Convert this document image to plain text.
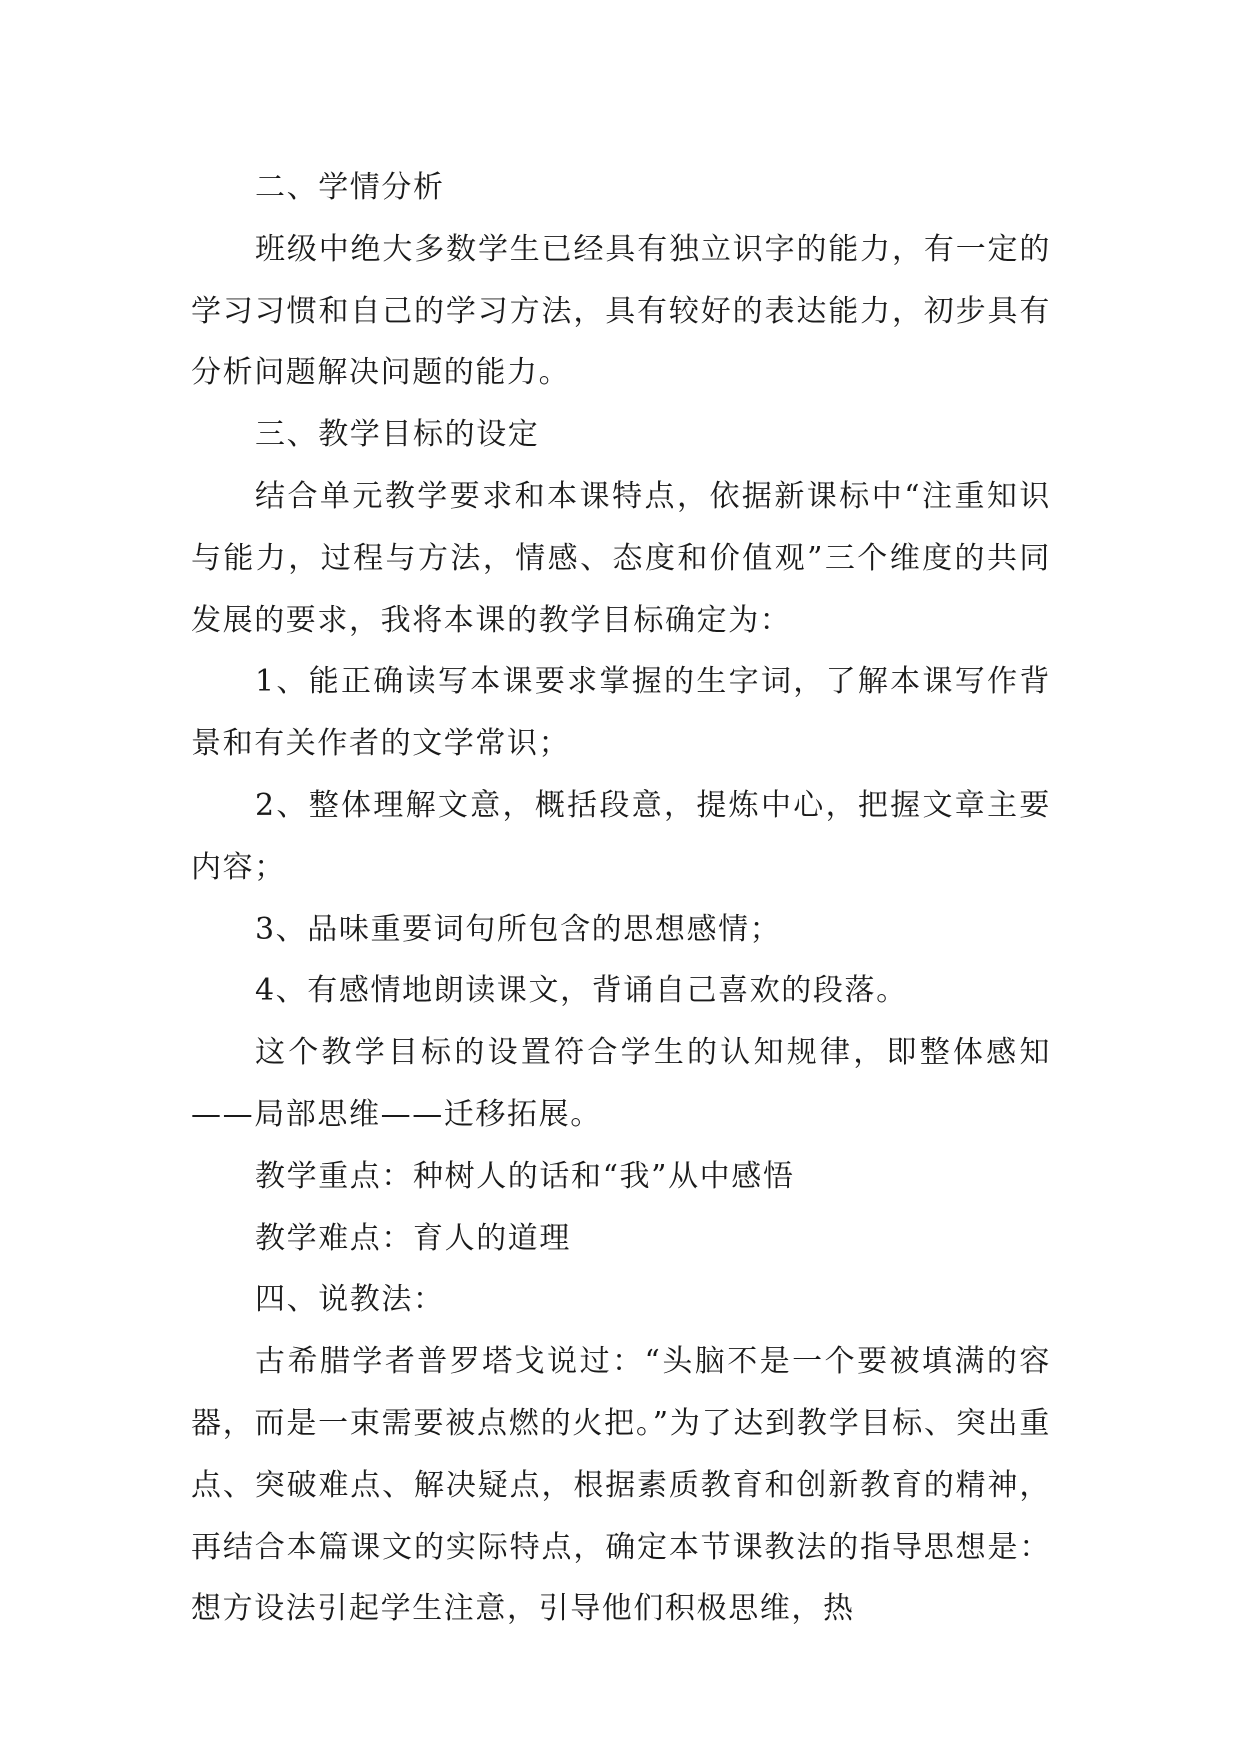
二、学情分析

班级中绝大多数学生已经具有独立识字的能力，有一定的学习习惯和自己的学习方法，具有较好的表达能力，初步具有分析问题解决问题的能力。

三、教学目标的设定

结合单元教学要求和本课特点，依据新课标中“注重知识与能力，过程与方法，情感、态度和价值观”三个维度的共同发展的要求，我将本课的教学目标确定为：

1、能正确读写本课要求掌握的生字词，了解本课写作背景和有关作者的文学常识；

2、整体理解文意，概括段意，提炼中心，把握文章主要内容；

3、品味重要词句所包含的思想感情；

4、有感情地朗读课文，背诵自己喜欢的段落。

这个教学目标的设置符合学生的认知规律，即整体感知——局部思维——迁移拓展。

教学重点：种树人的话和“我”从中感悟

教学难点：育人的道理

四、说教法：

古希腊学者普罗塔戈说过：“头脑不是一个要被填满的容器，而是一束需要被点燃的火把。”为了达到教学目标、突出重点、突破难点、解决疑点，根据素质教育和创新教育的精神，再结合本篇课文的实际特点，确定本节课教法的指导思想是：想方设法引起学生注意，引导他们积极思维，热
